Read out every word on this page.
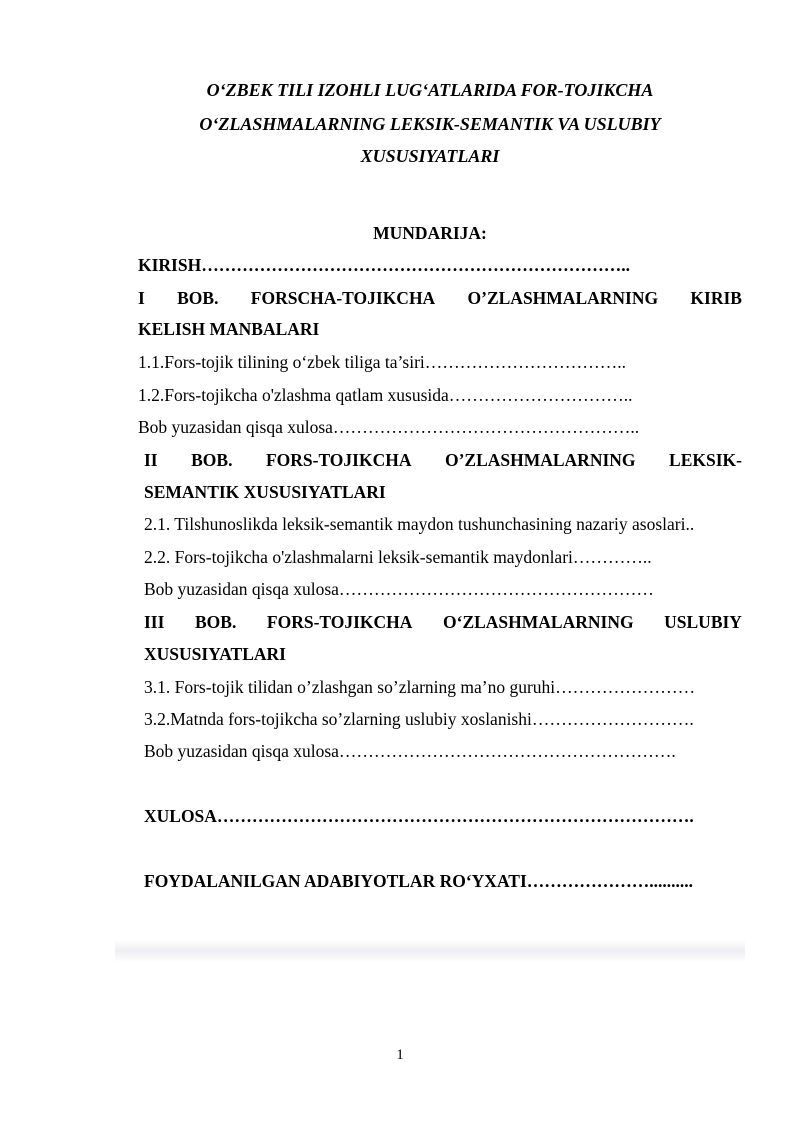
O‘ZBEK TILI IZOHLI LUG‘ATLARIDA FOR-TOJIKCHA
O‘ZLASHMALARNING LEKSIK-SEMANTIK VA USLUBIY
XUSUSIYATLARI
MUNDARIJA:
KIRISH………………………………………………………………..
I BOB. FORSCHA-TOJIKCHA O’ZLASHMALARNING KIRIB
KELISH MANBALARI
1.1.Fors-tojik tilining o‘zbek tiliga ta’siri……………………………..
1.2.Fors-tojikcha o'zlashma qatlam xususida…………………………..
Bob yuzasidan qisqa xulosa……………………………………………..
II BOB. FORS-TOJIKCHA O’ZLASHMALARNING LEKSIK-
SEMANTIK XUSUSIYATLARI
2.1. Tilshunoslikda leksik-semantik maydon tushunchasining nazariy asoslari..
2.2. Fors-tojikcha o'zlashmalarni leksik-semantik maydonlari…………..
Bob yuzasidan qisqa xulosa………………………………………………
III BOB. FORS-TOJIKCHA O‘ZLASHMALARNING USLUBIY
XUSUSIYATLARI
3.1. Fors-tojik tilidan o’zlashgan so’zlarning ma’no guruhi……………………
3.2.Matnda fors-tojikcha so’zlarning uslubiy xoslanishi……………………….
Bob yuzasidan qisqa xulosa………………………………………………….
XULOSA……………………………………………………………………….
FOYDALANILGAN ADABIYOTLAR RO‘YXATI…………………..........
1
